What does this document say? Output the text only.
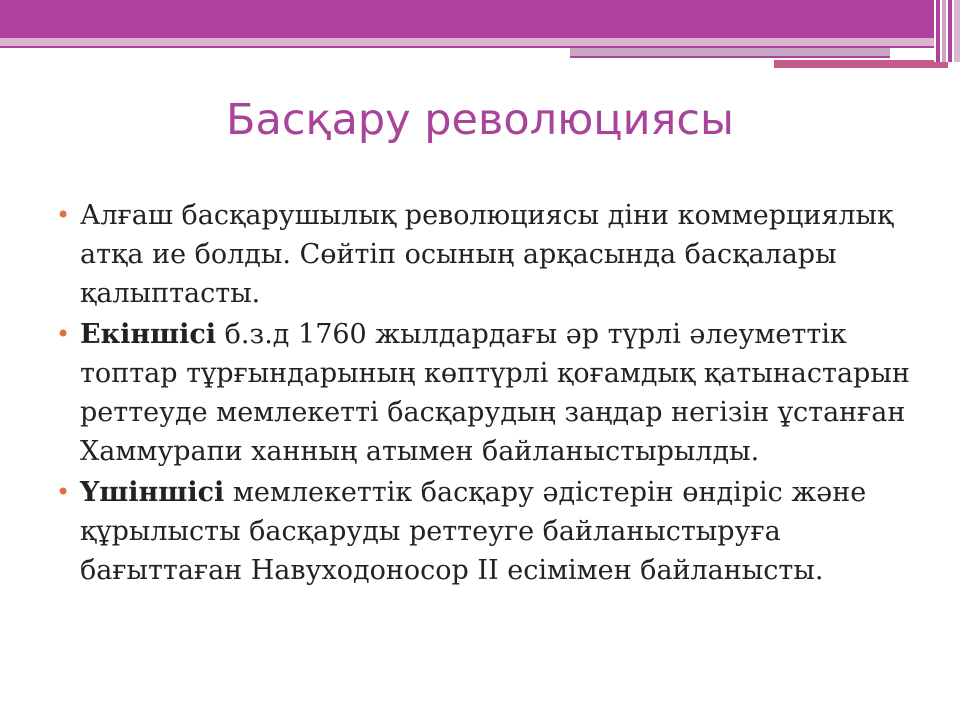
Басқару революциясы
• Алғаш басқарушылық революциясы діни коммерциялық атқа ие болды. Сөйтіп осының арқасында басқалары қалыптасты.
• Екіншісі б.з.д 1760 жылдардағы әр түрлі әлеуметтік топтар тұрғындарының көптүрлі қоғамдық қатынастарын реттеуде мемлекетті басқарудың заңдар негізін ұстанған Хаммурапи ханның атымен байланыстырылды.
• Үшіншісі мемлекеттік басқару әдістерін өндіріс және құрылысты басқаруды реттеуге байланыстыруға бағыттаған Навуходоносор II есімімен байланысты.
